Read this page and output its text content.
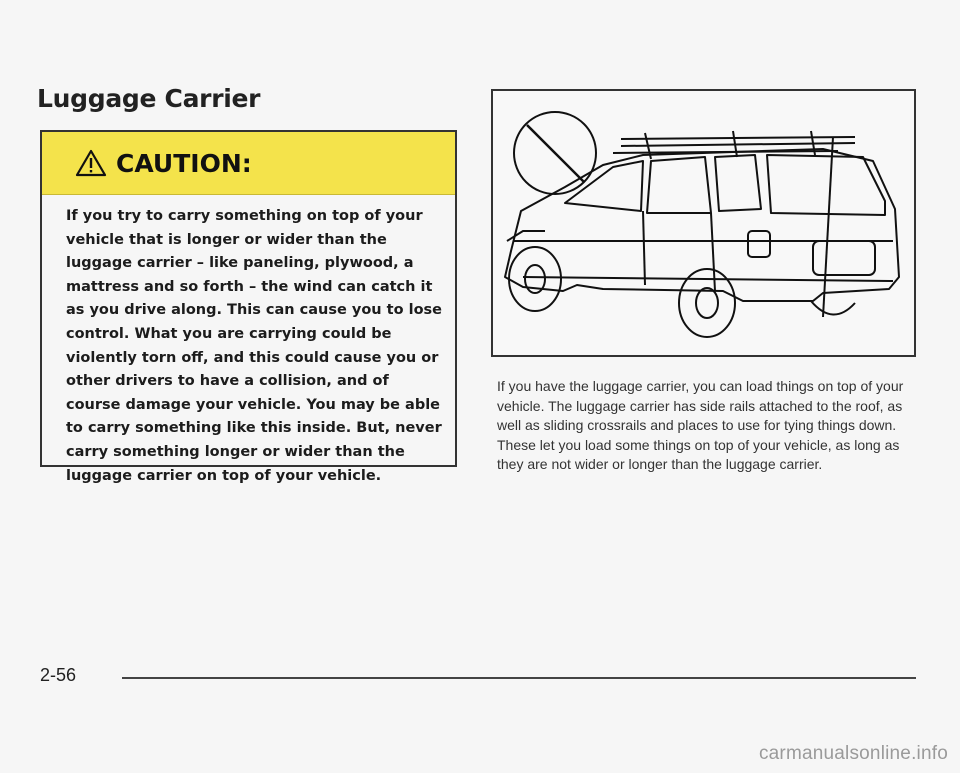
Luggage Carrier
CAUTION:

If you try to carry something on top of your vehicle that is longer or wider than the luggage carrier – like paneling, plywood, a mattress and so forth – the wind can catch it as you drive along. This can cause you to lose control. What you are carrying could be violently torn off, and this could cause you or other drivers to have a collision, and of course damage your vehicle. You may be able to carry something like this inside. But, never carry something longer or wider than the luggage carrier on top of your vehicle.

If you have the luggage carrier, you can load things on top of your vehicle. The luggage carrier has side rails attached to the roof, as well as sliding crossrails and places to use for tying things down. These let you load some things on top of your vehicle, as long as they are not wider or longer than the luggage carrier.

2-56
carmanualsonline.info
